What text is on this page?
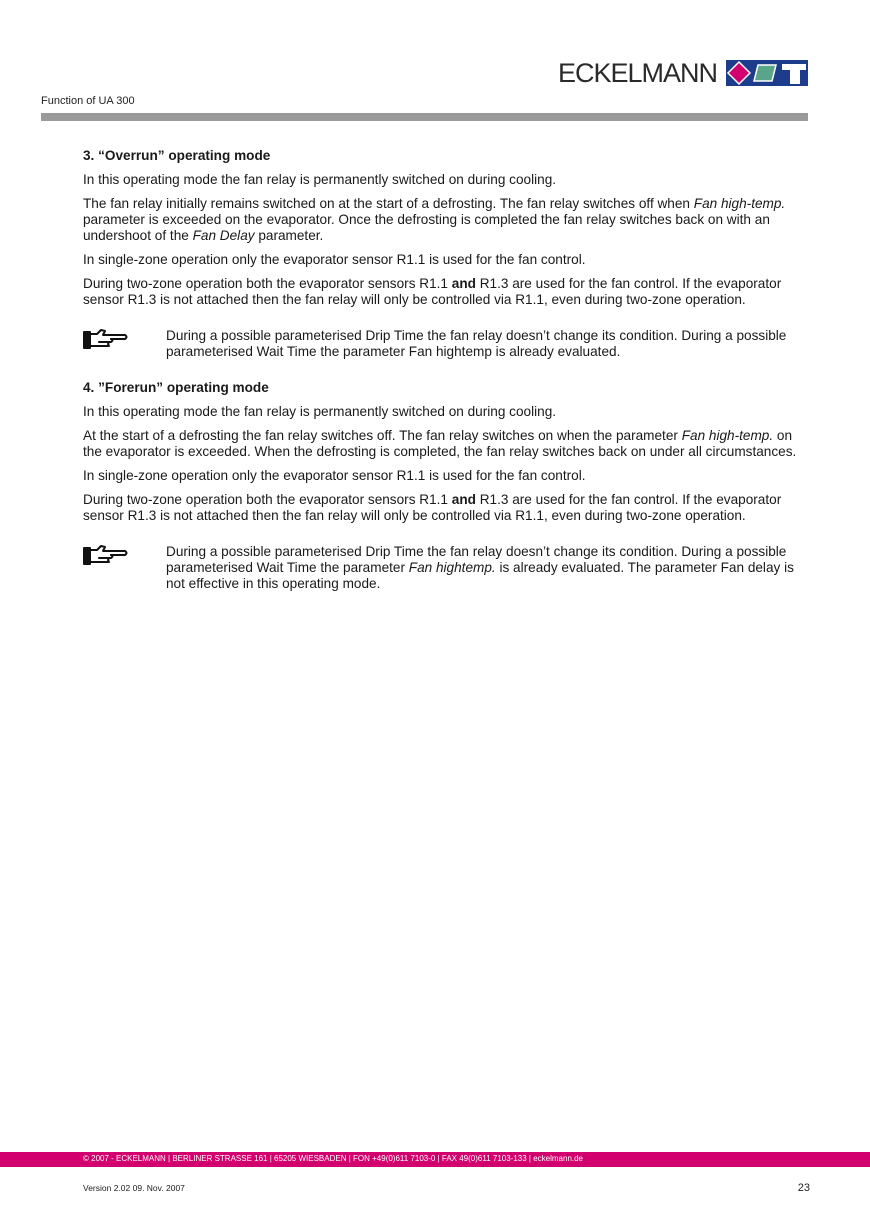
ECKELMANN
Function of UA 300
3. “Overrun” operating mode

In this operating mode the fan relay is permanently switched on during cooling.

The fan relay initially remains switched on at the start of a defrosting. The fan relay switches off when Fan high-temp. parameter is exceeded on the evaporator. Once the defrosting is completed the fan relay switches back on with an undershoot of the Fan Delay parameter.

In single-zone operation only the evaporator sensor R1.1 is used for the fan control.

During two-zone operation both the evaporator sensors R1.1 and R1.3 are used for the fan control. If the evaporator sensor R1.3 is not attached then the fan relay will only be controlled via R1.1, even during two-zone operation.

During a possible parameterised Drip Time the fan relay doesn’t change its condition. During a possible parameterised Wait Time the parameter Fan hightemp is already evaluated.
4. ”Forerun” operating mode

In this operating mode the fan relay is permanently switched on during cooling.

At the start of a defrosting the fan relay switches off. The fan relay switches on when the parameter Fan high-temp. on the evaporator is exceeded. When the defrosting is completed, the fan relay switches back on under all circumstances.

In single-zone operation only the evaporator sensor R1.1 is used for the fan control.

During two-zone operation both the evaporator sensors R1.1 and R1.3 are used for the fan control. If the evaporator sensor R1.3 is not attached then the fan relay will only be controlled via R1.1, even during two-zone operation.

During a possible parameterised Drip Time the fan relay doesn’t change its condition. During a possible parameterised Wait Time the parameter Fan hightemp. is already evaluated. The parameter Fan delay is not effective in this operating mode.
© 2007 - ECKELMANN | BERLINER STRASSE 161 | 65205 WIESBADEN | FON +49(0)611 7103-0 | FAX 49(0)611 7103-133 | eckelmann.de
Version 2.02 09. Nov. 2007	23
